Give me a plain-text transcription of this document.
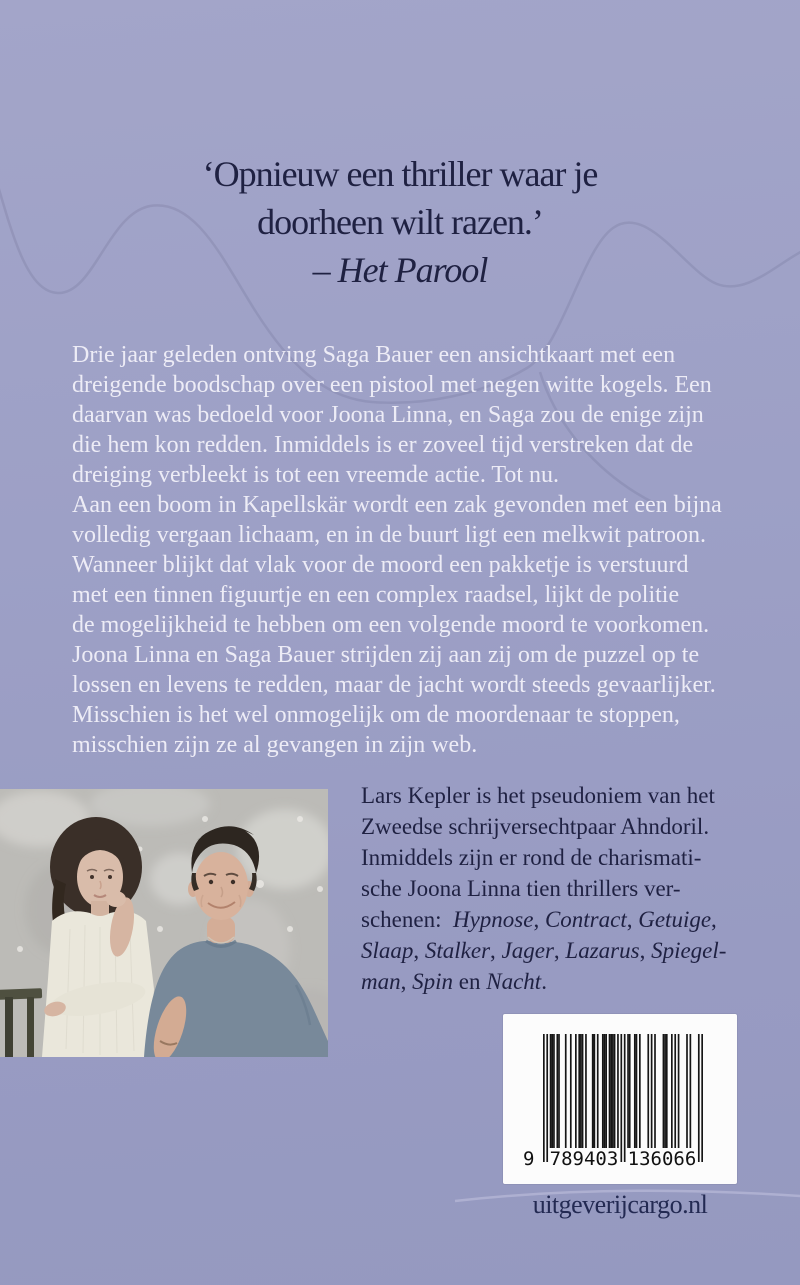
‘Opnieuw een thriller waar je
doorheen wilt razen.’
– Het Parool
Drie jaar geleden ontving Saga Bauer een ansichtkaart met een
dreigende boodschap over een pistool met negen witte kogels. Een
daarvan was bedoeld voor Joona Linna, en Saga zou de enige zijn
die hem kon redden. Inmiddels is er zoveel tijd verstreken dat de
dreiging verbleekt is tot een vreemde actie. Tot nu.
Aan een boom in Kapellskär wordt een zak gevonden met een bijna
volledig vergaan lichaam, en in de buurt ligt een melkwit patroon.
Wanneer blijkt dat vlak voor de moord een pakketje is verstuurd
met een tinnen figuurtje en een complex raadsel, lijkt de politie
de mogelijkheid te hebben om een volgende moord te voorkomen.
Joona Linna en Saga Bauer strijden zij aan zij om de puzzel op te
lossen en levens te redden, maar de jacht wordt steeds gevaarlijker.
Misschien is het wel onmogelijk om de moordenaar te stoppen,
misschien zijn ze al gevangen in zijn web.
Lars Kepler is het pseudoniem van het
Zweedse schrijversechtpaar Ahndoril.
Inmiddels zijn er rond de charismati-
sche Joona Linna tien thrillers ver-
schenen:  Hypnose, Contract, Getuige,
Slaap, Stalker, Jager, Lazarus, Spiegel-
man, Spin en Nacht.
9 789403 136066
uitgeverijcargo.nl
